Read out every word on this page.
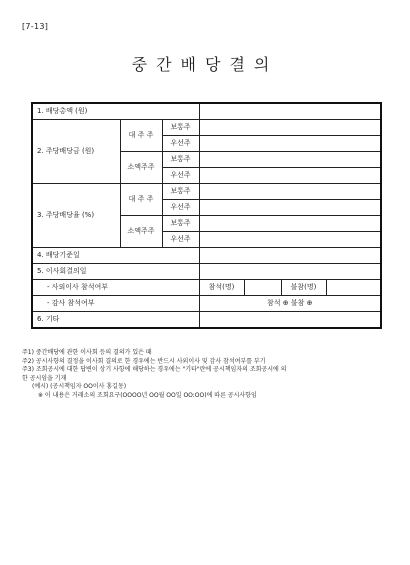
[7-13]
중간배당결의
1. 배당총액 (원)						
2. 주당배당금 (원)	대 주 주	보통주				
		우선주				
	소액주주	보통주				
		우선주				
3. 주당배당율 (%)	대 주 주	보통주				
		우선주				
	소액주주	보통주				
		우선주				
4. 배당기준일						
5. 이사회결의일						
- 사외이사 참석여부			참석(명)		불참(명)	
- 감사 참석여부			참석 ⊕ 불참 ⊕			
6. 기타						
주1) 중간배당에 관한 이사회 등의 결의가 있은 때
주2) 공시사항의 결정을 이사회 결의로 한 경우에는 반드시 사외이사 및 감사 참석여부를 부기
주3) 조회공시에 대한 답변이 상기 사항에 해당하는 경우에는 "기타"란에 공시책임자의 조회공시에 의
한 공시임을 기재
(예시) (공시책임자 OO이사 홍길동)
※ 이 내용은 거래소의 조회요구(OOOO년 OO월 OO일 OO:OO)에 따른 공시사항임
